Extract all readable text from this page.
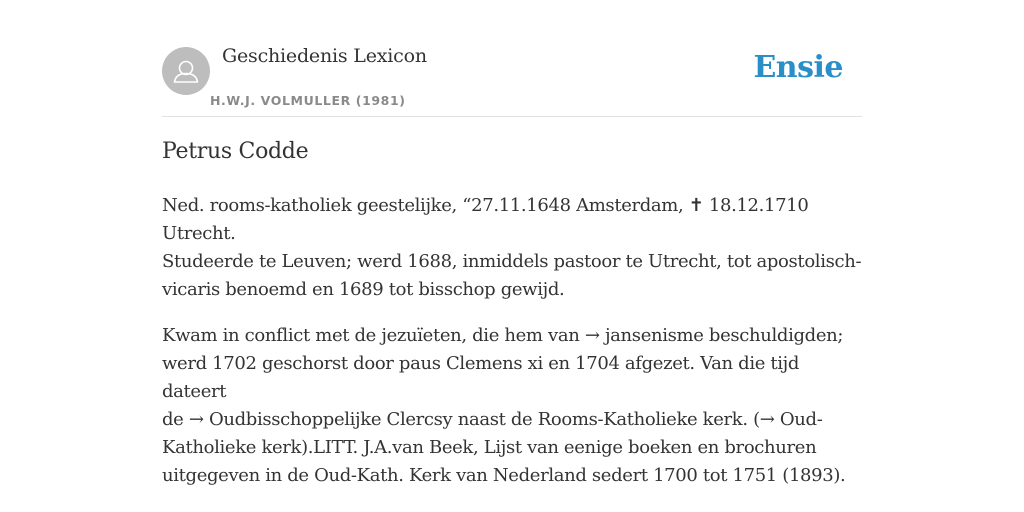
Geschiedenis Lexicon
H.W.J. VOLMULLER (1981)
Ensie
Petrus Codde

Ned. rooms-katholiek geestelijke, “27.11.1648 Amsterdam, ✝ 18.12.1710 Utrecht.
Studeerde te Leuven; werd 1688, inmiddels pastoor te Utrecht, tot apostolisch-
vicaris benoemd en 1689 tot bisschop gewijd.

Kwam in conflict met de jezuïeten, die hem van → jansenisme beschuldigden;
werd 1702 geschorst door paus Clemens xi en 1704 afgezet. Van die tijd dateert
de → Oudbisschoppelijke Clercsy naast de Rooms-Katholieke kerk. (→ Oud-
Katholieke kerk).LITT. J.A.van Beek, Lijst van eenige boeken en brochuren
uitgegeven in de Oud-Kath. Kerk van Nederland sedert 1700 tot 1751 (1893).
